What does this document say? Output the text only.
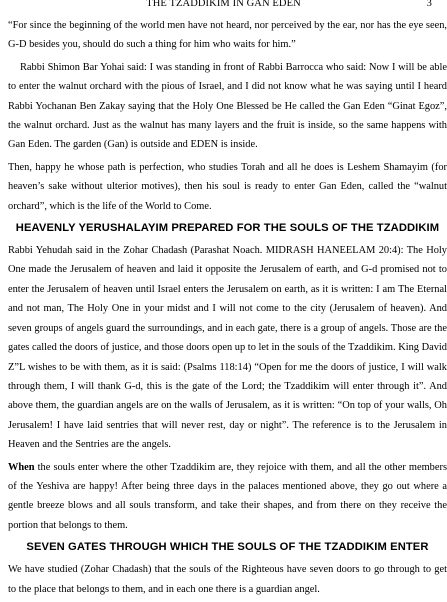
THE TZADDIKIM IN GAN EDEN	3

“For since the beginning of the world men have not heard, nor perceived by the ear, nor has the eye seen, G-D besides you, should do such a thing for him who waits for him.”

Rabbi Shimon Bar Yohai said: I was standing in front of Rabbi Barrocca who said: Now I will be able to enter the walnut orchard with the pious of Israel, and I did not know what he was saying until I heard Rabbi Yochanan Ben Zakay saying that the Holy One Blessed be He called the Gan Eden “Ginat Egoz”, the walnut orchard. Just as the walnut has many layers and the fruit is inside, so the same happens with Gan Eden. The garden (Gan) is outside and EDEN is inside.

Then, happy he whose path is perfection, who studies Torah and all he does is Leshem Shamayim (for heaven’s sake without ulterior motives), then his soul is ready to enter Gan Eden, called the “walnut orchard”, which is the life of the World to Come.

HEAVENLY YERUSHALAYIM PREPARED FOR THE SOULS OF THE TZADDIKIM

Rabbi Yehudah said in the Zohar Chadash (Parashat Noach. MIDRASH HANEELAM 20:4): The Holy One made the Jerusalem of heaven and laid it opposite the Jerusalem of earth, and G-d promised not to enter the Jerusalem of heaven until Israel enters the Jerusalem on earth, as it is written: I am The Eternal and not man, The Holy One in your midst and I will not come to the city (Jerusalem of heaven). And seven groups of angels guard the surroundings, and in each gate, there is a group of angels. Those are the gates called the doors of justice, and those doors open up to let in the souls of the Tzaddikim. King David Z”L wishes to be with them, as it is said: (Psalms 118:14) “Open for me the doors of justice, I will walk through them, I will thank G-d, this is the gate of the Lord; the Tzaddikim will enter through it”. And above them, the guardian angels are on the walls of Jerusalem, as it is written: “On top of your walls, Oh Jerusalem! I have laid sentries that will never rest, day or night”. The reference is to the Jerusalem in Heaven and the Sentries are the angels.

When the souls enter where the other Tzaddikim are, they rejoice with them, and all the other members of the Yeshiva are happy! After being three days in the palaces mentioned above, they go out where a gentle breeze blows and all souls transform, and take their shapes, and from there on they receive the portion that belongs to them.

SEVEN GATES THROUGH WHICH THE SOULS OF THE TZADDIKIM ENTER

We have studied (Zohar Chadash) that the souls of the Righteous have seven doors to go through to get to the place that belongs to them, and in each one there is a guardian angel.
